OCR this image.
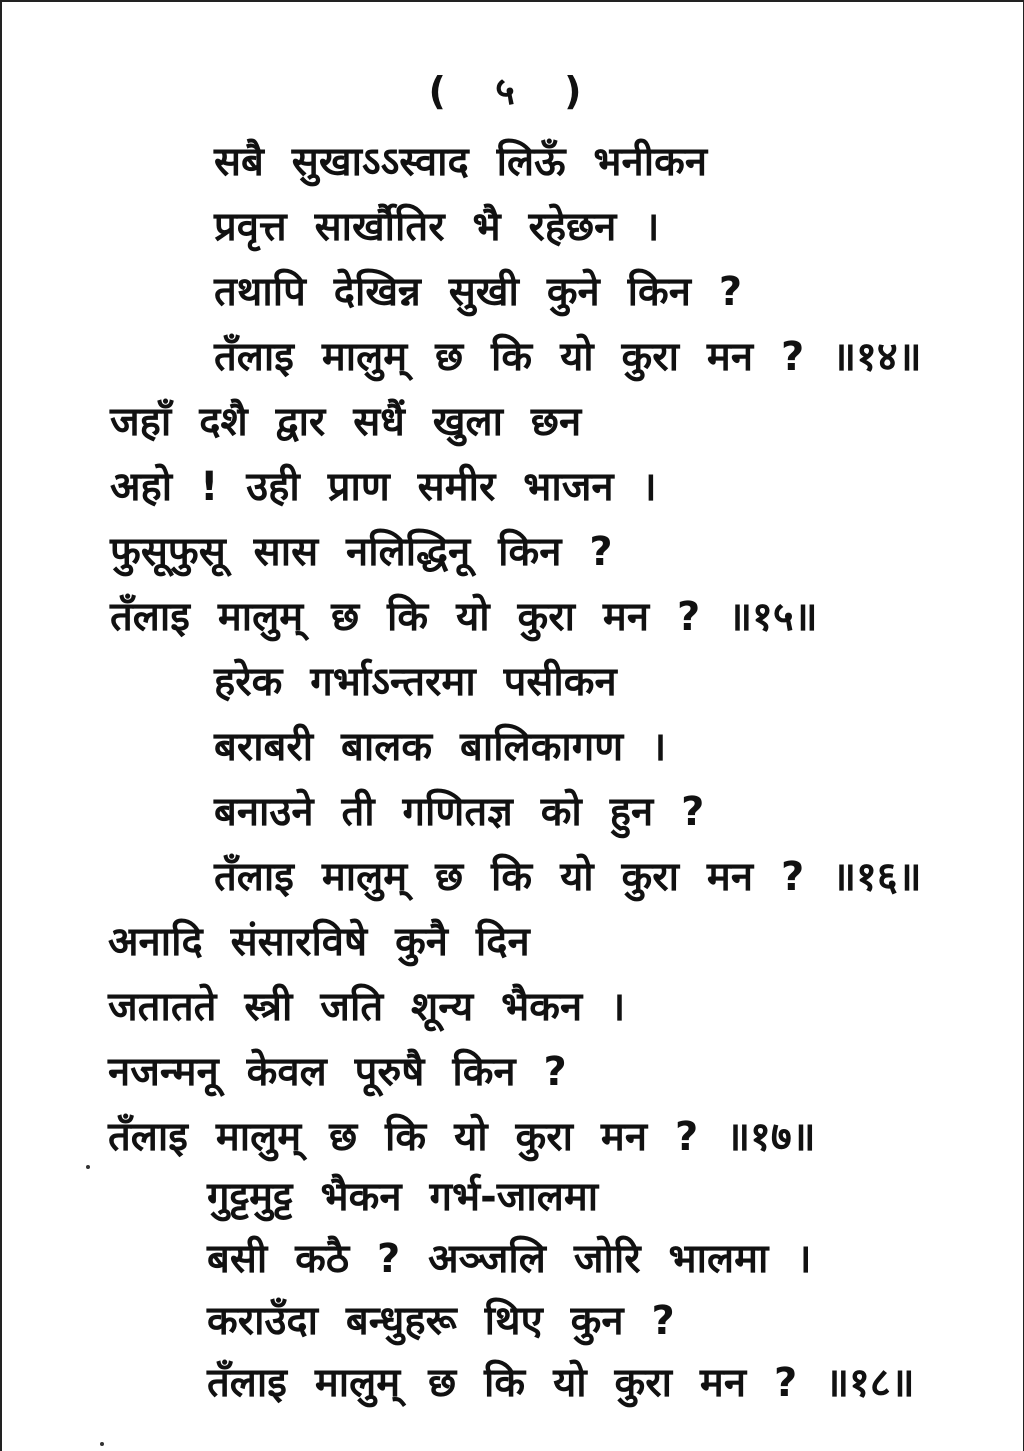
( ५ )
सबै सुखाऽऽस्वाद लिऊँ भनीकन
प्रवृत्त सार्खौतिर भै रहेछन ।
तथापि देखिन्न सुखी कुने किन ?
तँलाइ मालुम् छ कि यो कुरा मन ? ॥१४॥
जहाँ दशै द्वार सधैं खुला छन
अहो ! उही प्राण समीर भाजन ।
फुसूफुसू सास नलिद्धिनू किन ?
तँलाइ मालुम् छ कि यो कुरा मन ? ॥१५॥
हरेक गर्भाऽन्तरमा पसीकन
बराबरी बालक बालिकागण ।
बनाउने ती गणितज्ञ को हुन ?
तँलाइ मालुम् छ कि यो कुरा मन ? ॥१६॥
अनादि संसारविषे कुनै दिन
जतातते स्त्री जति शून्य भैकन ।
नजन्मनू केवल पूरुषै किन ?
तँलाइ मालुम् छ कि यो कुरा मन ? ॥१७॥
गुट्टमुट्ट भैकन गर्भ-जालमा
बसी कठै ? अञ्जलि जोरि भालमा ।
कराउँदा बन्धुहरू थिए कुन ?
तँलाइ मालुम् छ कि यो कुरा मन ? ॥१८॥
